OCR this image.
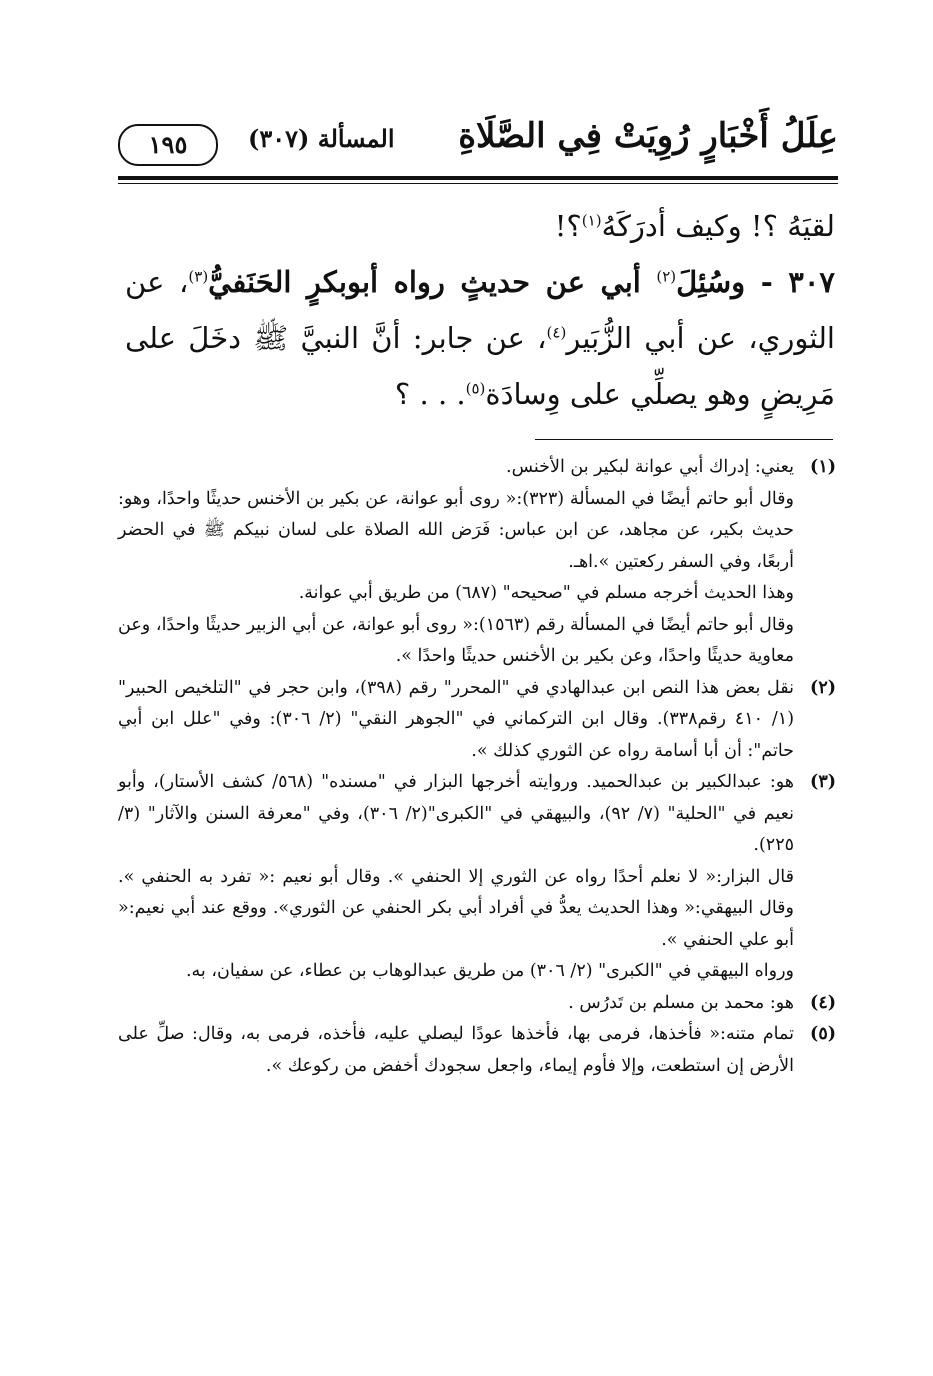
عِلَلُ أَخْبَارٍ رُوِيَتْ فِي الصَّلَاةِ
المسألة (٣٠٧)
١٩٥

لقيَهُ ؟! وكيف أدرَكَهُ$^{(١)}$؟!

٣٠٧ - وسُئِلَ$^{(٢)}$ أبي عن حديثٍ رواه أبوبكرٍ الحَنَفيُّ$^{(٣)}$، عن الثوري، عن أبي الزُّبَير$^{(٤)}$، عن جابر: أنَّ النبيَّ ﷺ دخَلَ على مَرِيضٍ وهو يصلِّي على وِسادَة$^{(٥)}$. . . ؟

(١)
يعني: إدراك أبي عوانة لبكير بن الأخنس.
وقال أبو حاتم أيضًا في المسألة (٣٢٣):« روى أبو عوانة، عن بكير بن الأخنس حديثًا واحدًا، وهو: حديث بكير، عن مجاهد، عن ابن عباس: فَرَض الله الصلاة على لسان نبيكم ﷺ في الحضر أربعًا، وفي السفر ركعتين ».اهـ.
وهذا الحديث أخرجه مسلم في "صحيحه" (٦٨٧) من طريق أبي عوانة.
وقال أبو حاتم أيضًا في المسألة رقم (١٥٦٣):« روى أبو عوانة، عن أبي الزبير حديثًا واحدًا، وعن معاوية حديثًا واحدًا، وعن بكير بن الأخنس حديثًا واحدًا ».
(٢)
نقل بعض هذا النص ابن عبدالهادي في "المحرر" رقم (٣٩٨)، وابن حجر في "التلخيص الحبير" (١/ ٤١٠ رقم٣٣٨). وقال ابن التركماني في "الجوهر النقي" (٢/ ٣٠٦): وفي "علل ابن أبي حاتم": أن أبا أسامة رواه عن الثوري كذلك ».
(٣)
هو: عبدالكبير بن عبدالحميد. وروايته أخرجها البزار في "مسنده" (٥٦٨/ كشف الأستار)، وأبو نعيم في "الحلية" (٧/ ٩٢)، والبيهقي في "الكبرى"(٢/ ٣٠٦)، وفي "معرفة السنن والآثار" (٣/ ٢٢٥).
قال البزار:« لا نعلم أحدًا رواه عن الثوري إلا الحنفي ». وقال أبو نعيم :« تفرد به الحنفي ». وقال البيهقي:« وهذا الحديث يعدُّ في أفراد أبي بكر الحنفي عن الثوري». ووقع عند أبي نعيم:« أبو علي الحنفي ».
ورواه البيهقي في "الكبرى" (٢/ ٣٠٦) من طريق عبدالوهاب بن عطاء، عن سفيان، به.
(٤)
هو: محمد بن مسلم بن تَدرُس .
(٥)
تمام متنه:« فأخذها، فرمى بها، فأخذها عودًا ليصلي عليه، فأخذه، فرمى به، وقال: صلِّ على الأرض إن استطعت، وإلا فأوم إيماء، واجعل سجودك أخفض من ركوعك ».
